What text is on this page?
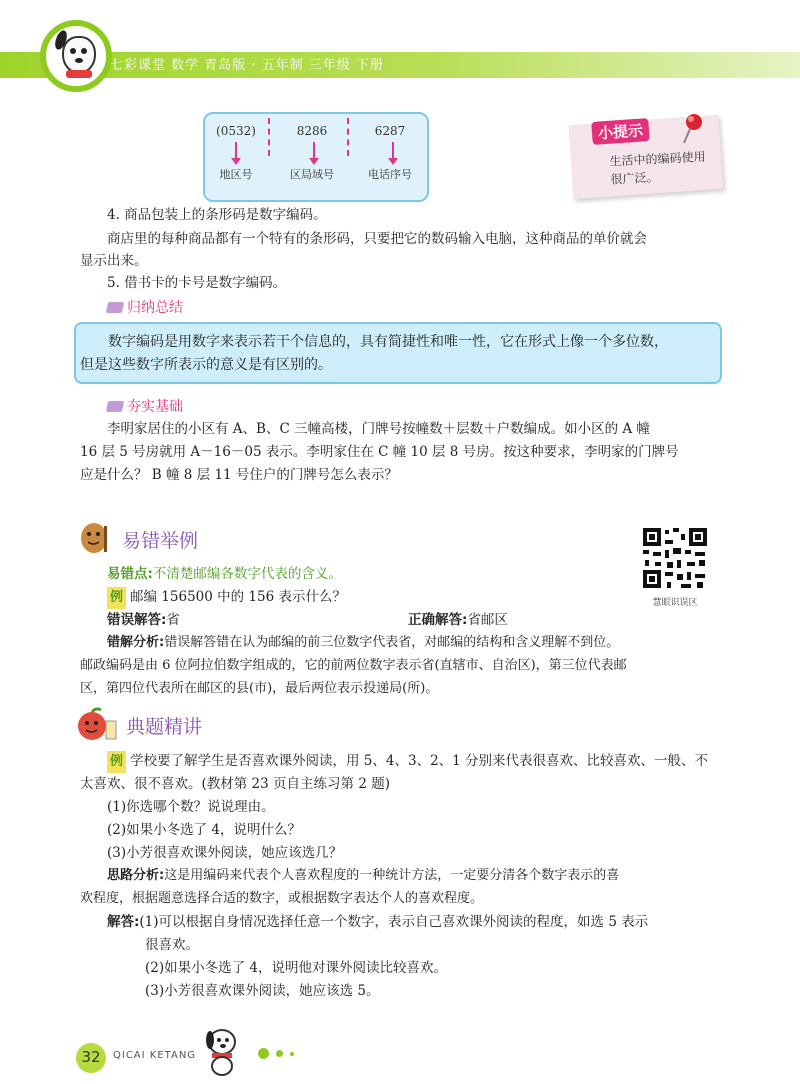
七彩课堂 数学 青岛版 · 五年制 三年级 下册
(0532)	8286	6287
地区号	区局域号	电话序号
小提示
生活中的编码使用很广泛。
4. 商品包装上的条形码是数字编码。
商店里的每种商品都有一个特有的条形码，只要把它的数码输入电脑，这种商品的单价就会
显示出来。
5. 借书卡的卡号是数字编码。
归纳总结
数字编码是用数字来表示若干个信息的，具有简捷性和唯一性，它在形式上像一个多位数，
但是这些数字所表示的意义是有区别的。
夯实基础
李明家居住的小区有 A、B、C 三幢高楼，门牌号按幢数＋层数＋户数编成。如小区的 A 幢
16 层 5 号房就用 A－16－05 表示。李明家住在 C 幢 10 层 8 号房。按这种要求，李明家的门牌号
应是什么？ B 幢 8 层 11 号住户的门牌号怎么表示？
易错举例
易错点:不清楚邮编各数字代表的含义。
例 邮编 156500 中的 156 表示什么？
错误解答:省	正确解答:省邮区
错解分析:错误解答错在认为邮编的前三位数字代表省，对邮编的结构和含义理解不到位。
邮政编码是由 6 位阿拉伯数字组成的，它的前两位数字表示省(直辖市、自治区)，第三位代表邮
区，第四位代表所在邮区的县(市)，最后两位表示投递局(所)。
慧眼识误区
典题精讲
例 学校要了解学生是否喜欢课外阅读，用 5、4、3、2、1 分别来代表很喜欢、比较喜欢、一般、不
太喜欢、很不喜欢。(教材第 23 页自主练习第 2 题)
(1)你选哪个数？说说理由。
(2)如果小冬选了 4，说明什么？
(3)小芳很喜欢课外阅读，她应该选几？
思路分析:这是用编码来代表个人喜欢程度的一种统计方法，一定要分清各个数字表示的喜
欢程度，根据题意选择合适的数字，或根据数字表达个人的喜欢程度。
解答:(1)可以根据自身情况选择任意一个数字，表示自己喜欢课外阅读的程度，如选 5 表示
很喜欢。
(2)如果小冬选了 4，说明他对课外阅读比较喜欢。
(3)小芳很喜欢课外阅读，她应该选 5。
32	QICAI KETANG
